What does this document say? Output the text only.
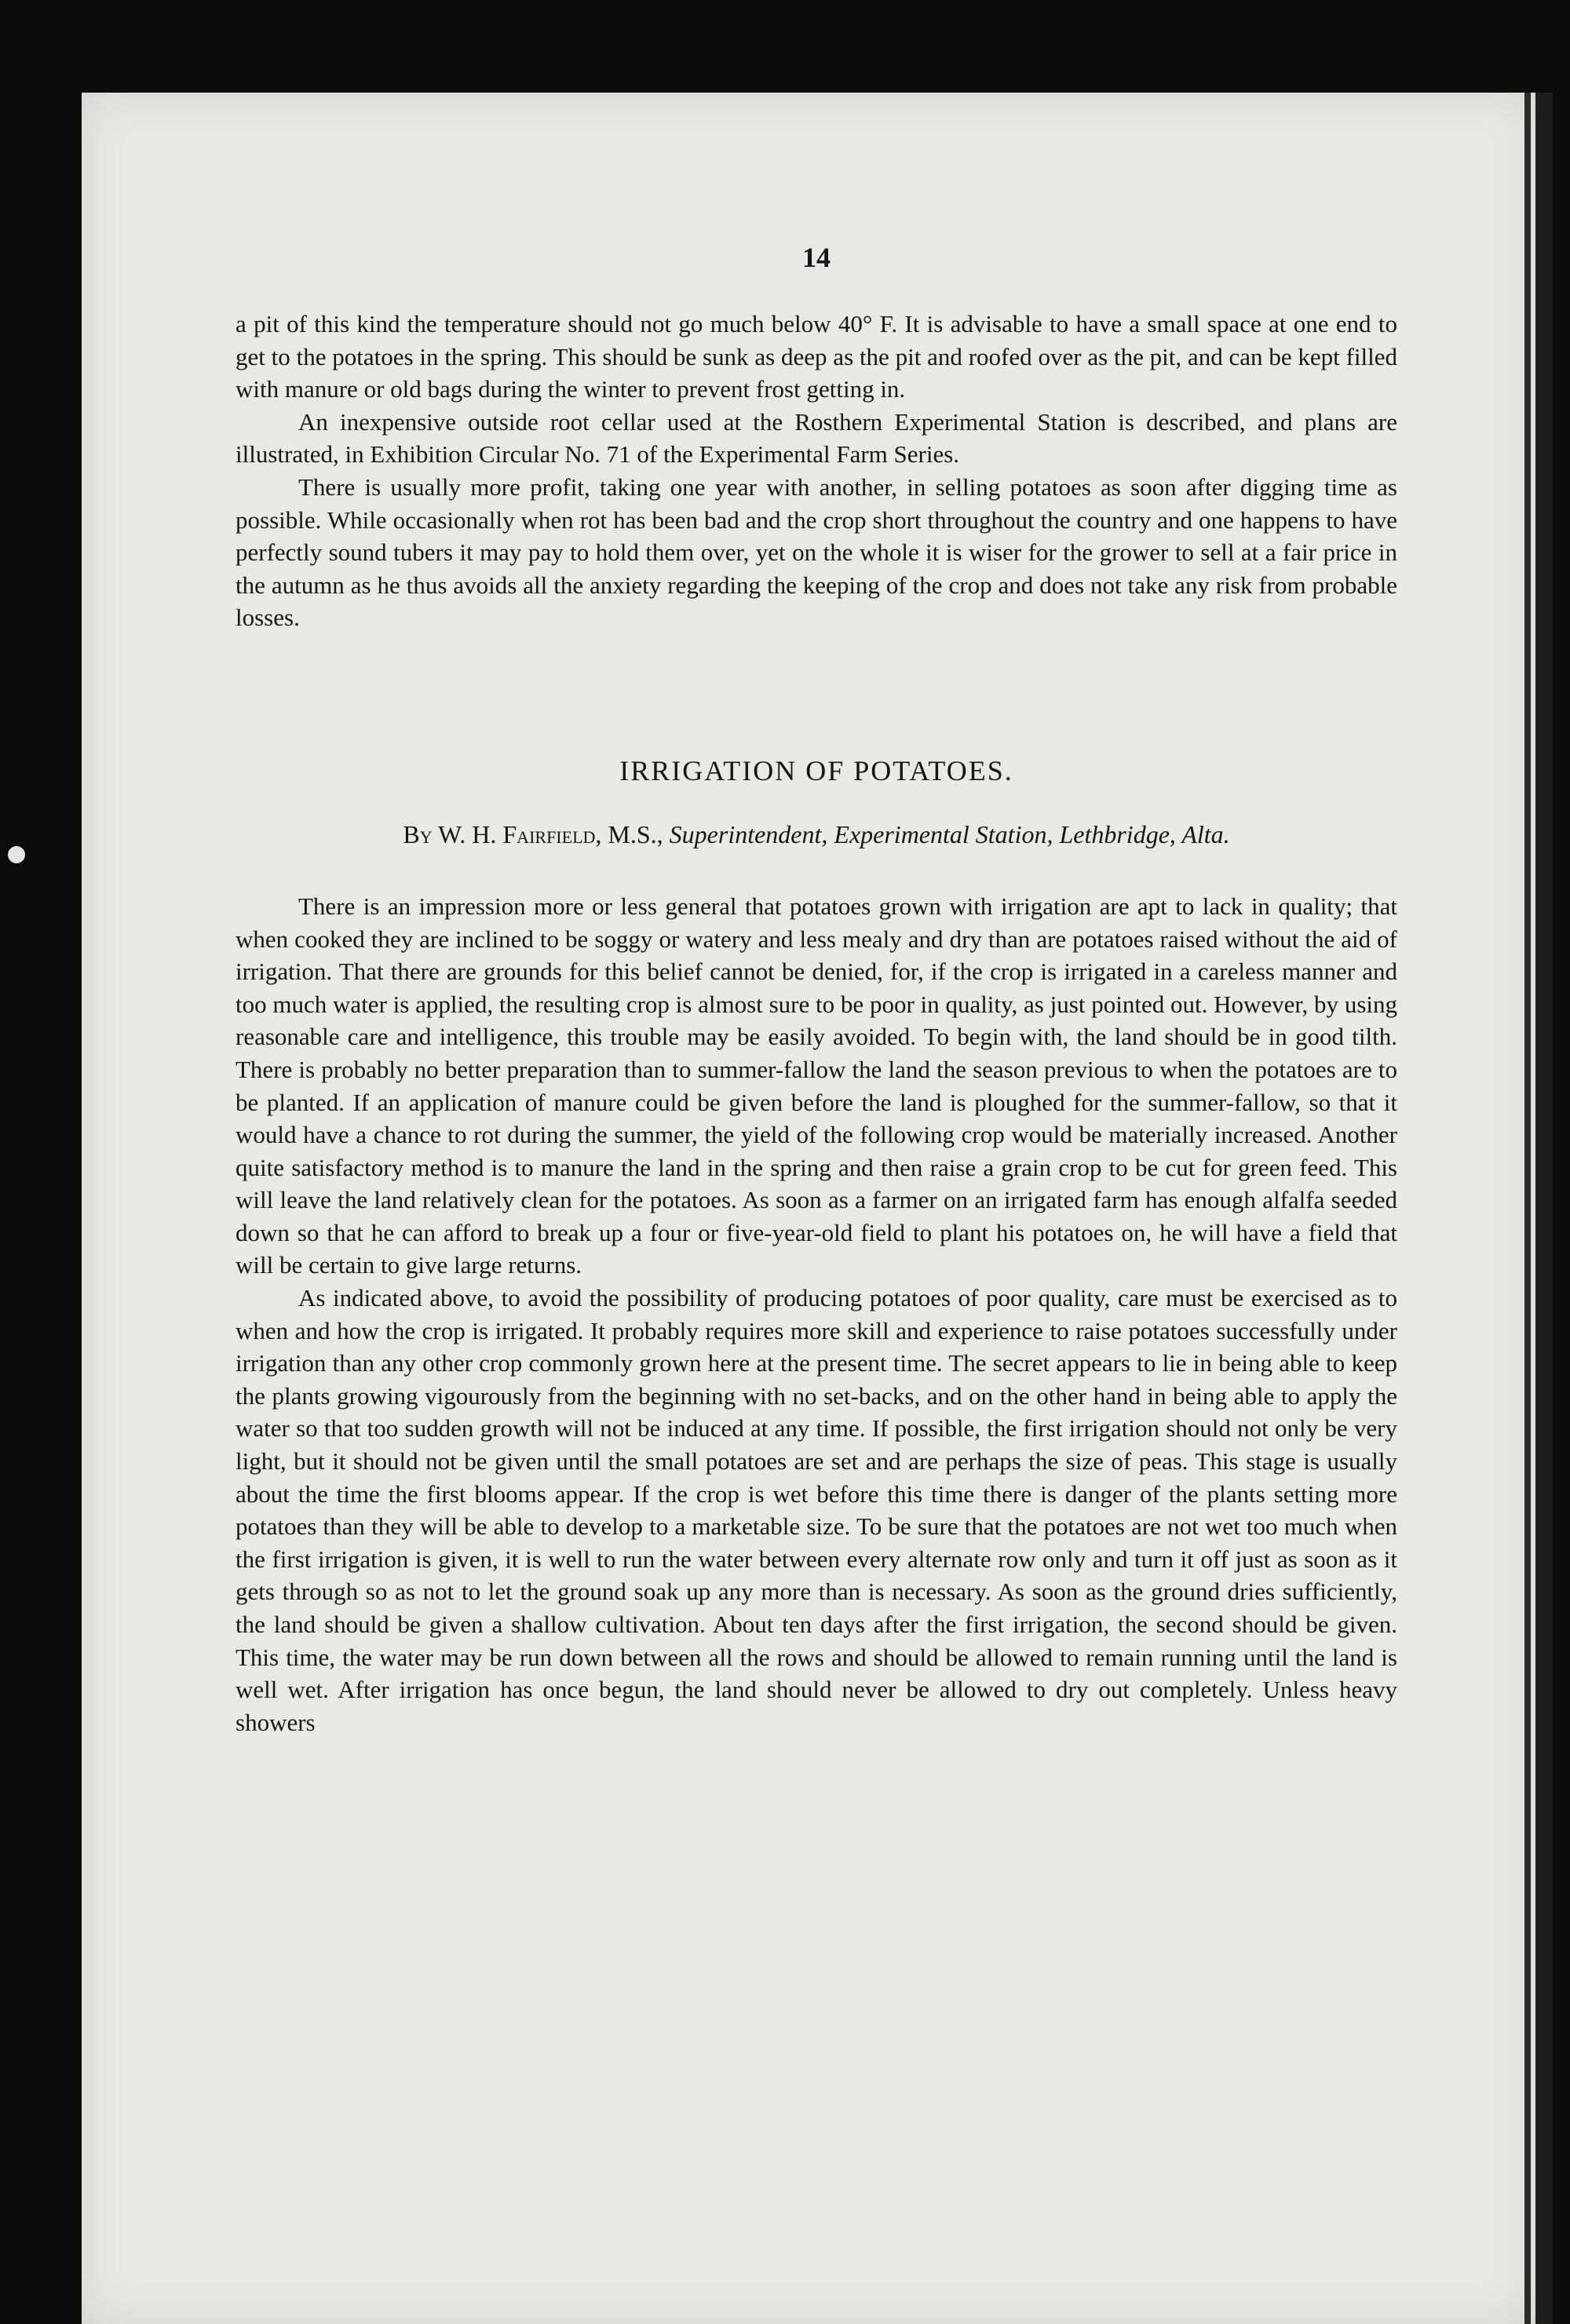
14

a pit of this kind the temperature should not go much below 40° F. It is advisable to have a small space at one end to get to the potatoes in the spring. This should be sunk as deep as the pit and roofed over as the pit, and can be kept filled with manure or old bags during the winter to prevent frost getting in.

An inexpensive outside root cellar used at the Rosthern Experimental Station is described, and plans are illustrated, in Exhibition Circular No. 71 of the Experimental Farm Series.

There is usually more profit, taking one year with another, in selling potatoes as soon after digging time as possible. While occasionally when rot has been bad and the crop short throughout the country and one happens to have perfectly sound tubers it may pay to hold them over, yet on the whole it is wiser for the grower to sell at a fair price in the autumn as he thus avoids all the anxiety regarding the keeping of the crop and does not take any risk from probable losses.

IRRIGATION OF POTATOES.
By W. H. Fairfield, M.S., Superintendent, Experimental Station, Lethbridge, Alta.

There is an impression more or less general that potatoes grown with irrigation are apt to lack in quality; that when cooked they are inclined to be soggy or watery and less mealy and dry than are potatoes raised without the aid of irrigation. That there are grounds for this belief cannot be denied, for, if the crop is irrigated in a careless manner and too much water is applied, the resulting crop is almost sure to be poor in quality, as just pointed out. However, by using reasonable care and intelligence, this trouble may be easily avoided. To begin with, the land should be in good tilth. There is probably no better preparation than to summer-fallow the land the season previous to when the potatoes are to be planted. If an application of manure could be given before the land is ploughed for the summer-fallow, so that it would have a chance to rot during the summer, the yield of the following crop would be materially increased. Another quite satisfactory method is to manure the land in the spring and then raise a grain crop to be cut for green feed. This will leave the land relatively clean for the potatoes. As soon as a farmer on an irrigated farm has enough alfalfa seeded down so that he can afford to break up a four or five-year-old field to plant his potatoes on, he will have a field that will be certain to give large returns.

As indicated above, to avoid the possibility of producing potatoes of poor quality, care must be exercised as to when and how the crop is irrigated. It probably requires more skill and experience to raise potatoes successfully under irrigation than any other crop commonly grown here at the present time. The secret appears to lie in being able to keep the plants growing vigourously from the beginning with no set-backs, and on the other hand in being able to apply the water so that too sudden growth will not be induced at any time. If possible, the first irrigation should not only be very light, but it should not be given until the small potatoes are set and are perhaps the size of peas. This stage is usually about the time the first blooms appear. If the crop is wet before this time there is danger of the plants setting more potatoes than they will be able to develop to a marketable size. To be sure that the potatoes are not wet too much when the first irrigation is given, it is well to run the water between every alternate row only and turn it off just as soon as it gets through so as not to let the ground soak up any more than is necessary. As soon as the ground dries sufficiently, the land should be given a shallow cultivation. About ten days after the first irrigation, the second should be given. This time, the water may be run down between all the rows and should be allowed to remain running until the land is well wet. After irrigation has once begun, the land should never be allowed to dry out completely. Unless heavy showers
